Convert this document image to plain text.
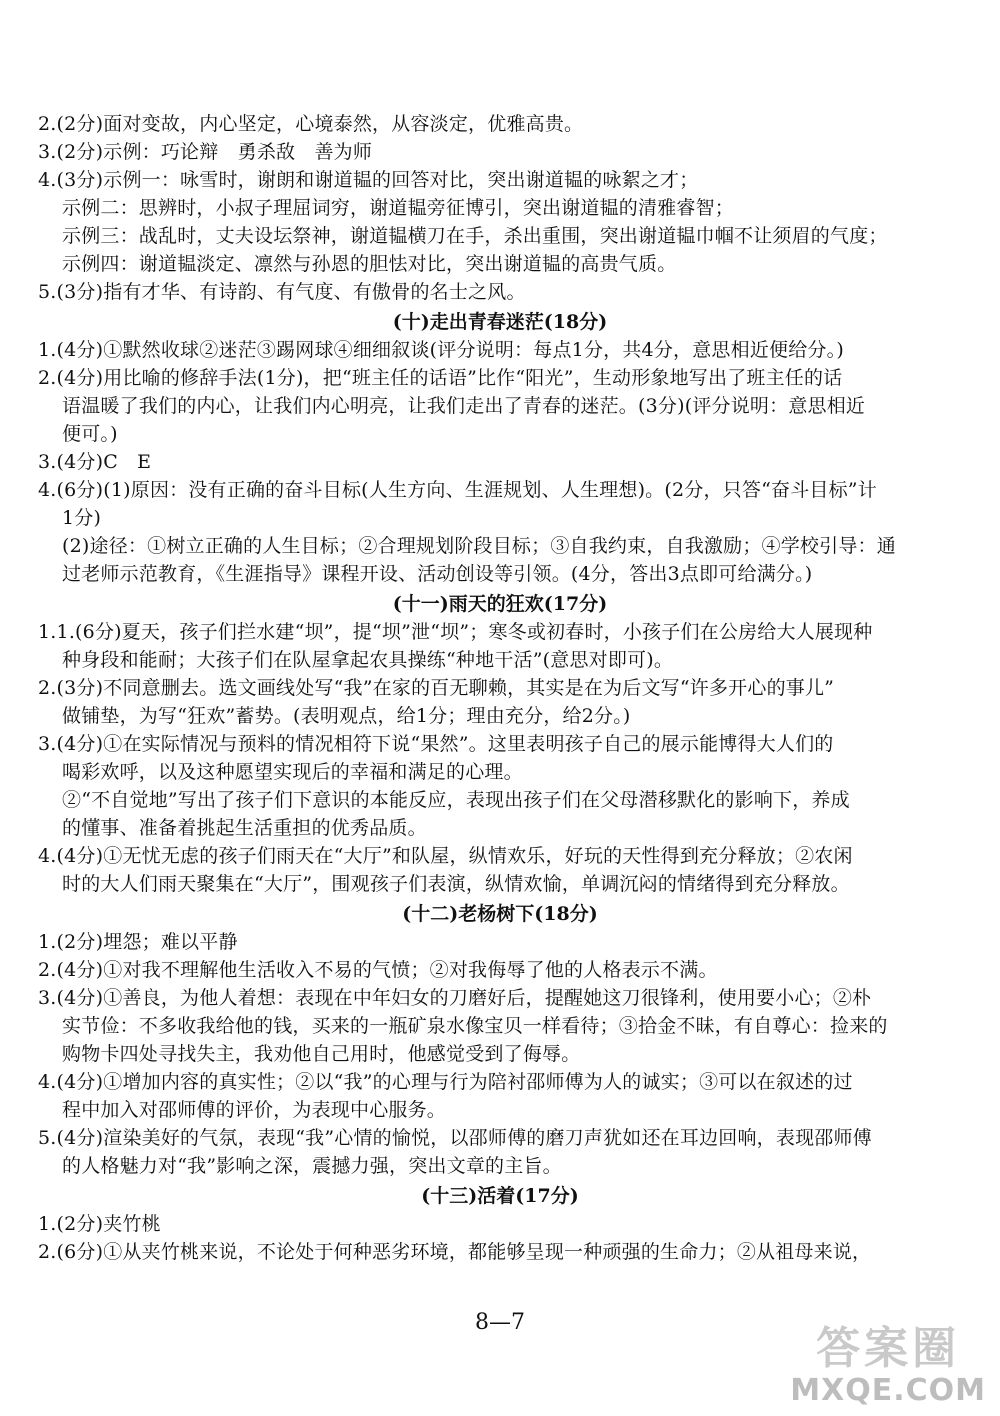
2.(2分)面对变故，内心坚定，心境泰然，从容淡定，优雅高贵。
3.(2分)示例：巧论辩　勇杀敌　善为师
4.(3分)示例一：咏雪时，谢朗和谢道韫的回答对比，突出谢道韫的咏絮之才；
示例二：思辨时，小叔子理屈词穷，谢道韫旁征博引，突出谢道韫的清雅睿智；
示例三：战乱时，丈夫设坛祭神，谢道韫横刀在手，杀出重围，突出谢道韫巾帼不让须眉的气度；
示例四：谢道韫淡定、凛然与孙恩的胆怯对比，突出谢道韫的高贵气质。
5.(3分)指有才华、有诗韵、有气度、有傲骨的名士之风。
(十)走出青春迷茫(18分)
1.(4分)①默然收球②迷茫③踢网球④细细叙谈(评分说明：每点1分，共4分，意思相近便给分。)
2.(4分)用比喻的修辞手法(1分)，把“班主任的话语”比作“阳光”，生动形象地写出了班主任的话
语温暖了我们的内心，让我们内心明亮，让我们走出了青春的迷茫。(3分)(评分说明：意思相近
便可。)
3.(4分)C　E
4.(6分)(1)原因：没有正确的奋斗目标(人生方向、生涯规划、人生理想)。(2分，只答“奋斗目标”计
1分)
(2)途径：①树立正确的人生目标；②合理规划阶段目标；③自我约束，自我激励；④学校引导：通
过老师示范教育，《生涯指导》课程开设、活动创设等引领。(4分，答出3点即可给满分。)
(十一)雨天的狂欢(17分)
1.1.(6分)夏天，孩子们拦水建“坝”，提“坝”泄“坝”；寒冬或初春时，小孩子们在公房给大人展现种
种身段和能耐；大孩子们在队屋拿起农具操练“种地干活”(意思对即可)。
2.(3分)不同意删去。选文画线处写“我”在家的百无聊赖，其实是在为后文写“许多开心的事儿”
做铺垫，为写“狂欢”蓄势。(表明观点，给1分；理由充分，给2分。)
3.(4分)①在实际情况与预料的情况相符下说“果然”。这里表明孩子自己的展示能博得大人们的
喝彩欢呼，以及这种愿望实现后的幸福和满足的心理。
②“不自觉地”写出了孩子们下意识的本能反应，表现出孩子们在父母潜移默化的影响下，养成
的懂事、准备着挑起生活重担的优秀品质。
4.(4分)①无忧无虑的孩子们雨天在“大厅”和队屋，纵情欢乐，好玩的天性得到充分释放；②农闲
时的大人们雨天聚集在“大厅”，围观孩子们表演，纵情欢愉，单调沉闷的情绪得到充分释放。
(十二)老杨树下(18分)
1.(2分)埋怨；难以平静
2.(4分)①对我不理解他生活收入不易的气愤；②对我侮辱了他的人格表示不满。
3.(4分)①善良，为他人着想：表现在中年妇女的刀磨好后，提醒她这刀很锋利，使用要小心；②朴
实节俭：不多收我给他的钱，买来的一瓶矿泉水像宝贝一样看待；③拾金不昧，有自尊心：捡来的
购物卡四处寻找失主，我劝他自己用时，他感觉受到了侮辱。
4.(4分)①增加内容的真实性；②以“我”的心理与行为陪衬邵师傅为人的诚实；③可以在叙述的过
程中加入对邵师傅的评价，为表现中心服务。
5.(4分)渲染美好的气氛，表现“我”心情的愉悦，以邵师傅的磨刀声犹如还在耳边回响，表现邵师傅
的人格魅力对“我”影响之深，震撼力强，突出文章的主旨。
(十三)活着(17分)
1.(2分)夹竹桃
2.(6分)①从夹竹桃来说，不论处于何种恶劣环境，都能够呈现一种顽强的生命力；②从祖母来说，
8—7
答案圈
MXQE.COM
